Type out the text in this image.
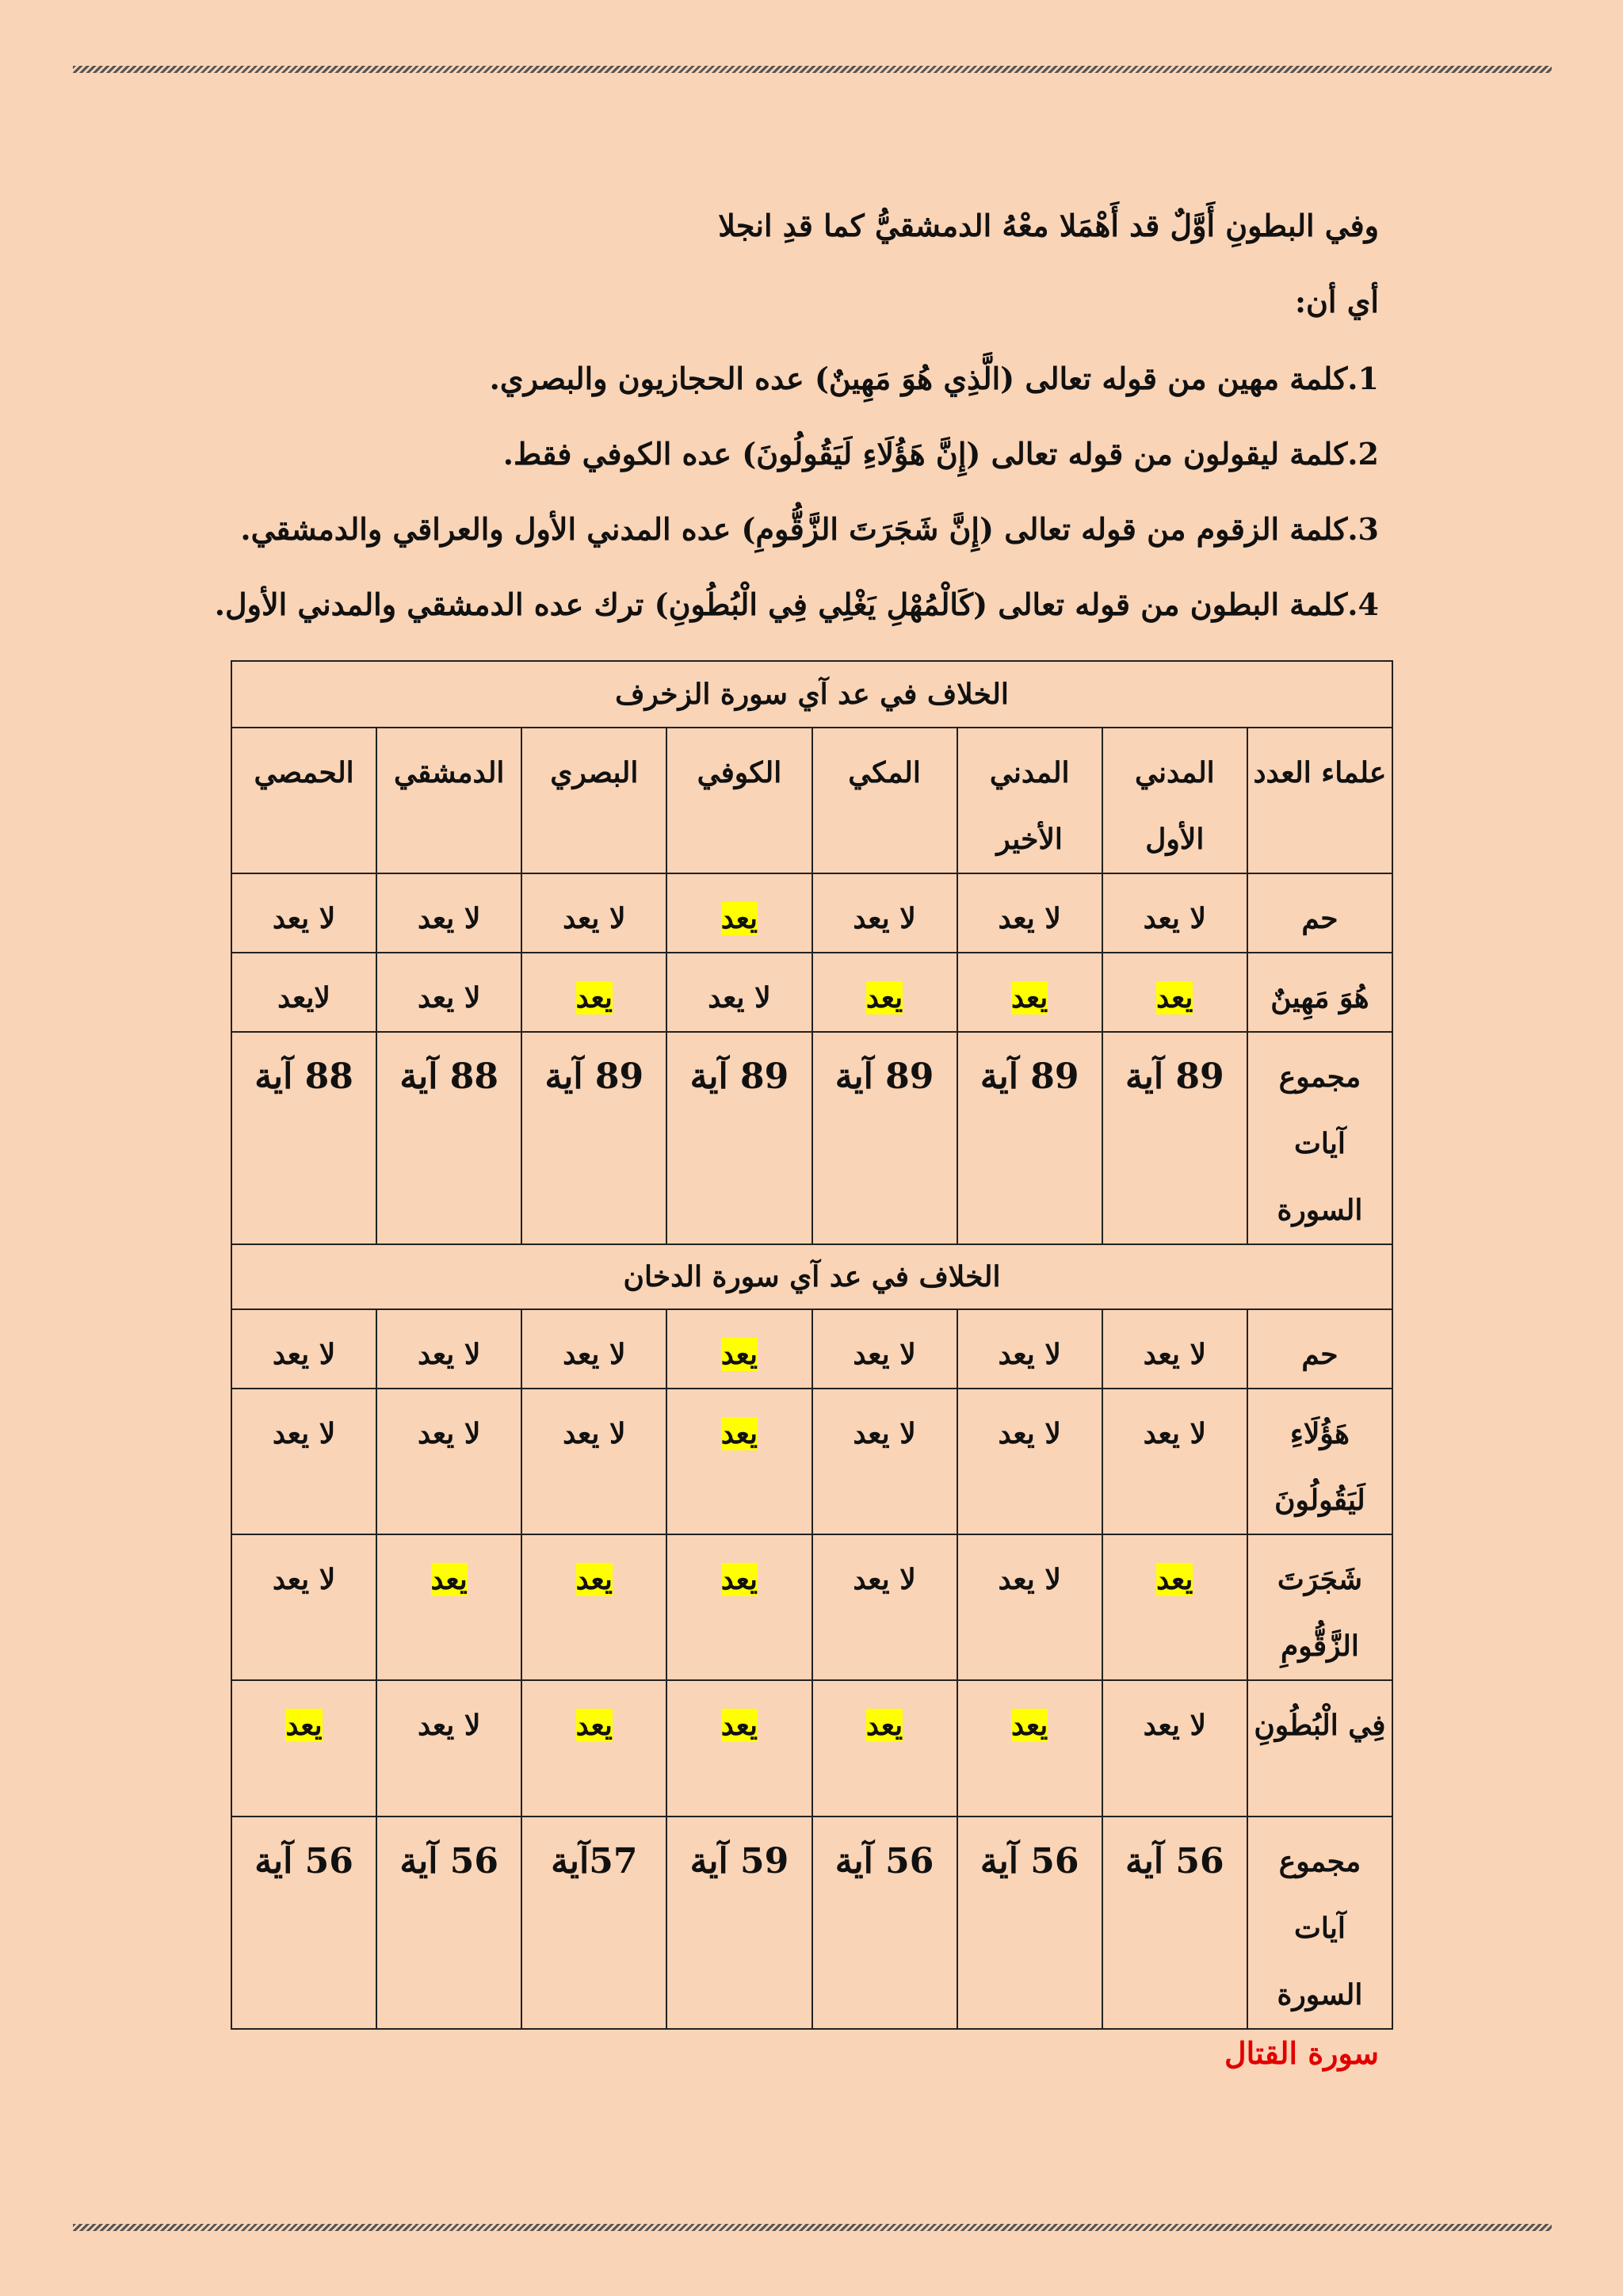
وفي البطونِ أَوَّلٌ قد أَهْمَلا معْهُ الدمشقيُّ كما قدِ انجلا
أي أن:
1.كلمة مهين من قوله تعالى (الَّذِي هُوَ مَهِينٌ) عده الحجازيون والبصري.
2.كلمة ليقولون من قوله تعالى (إِنَّ هَؤُلَاءِ لَيَقُولُونَ) عده الكوفي فقط.
3.كلمة الزقوم من قوله تعالى (إِنَّ شَجَرَتَ الزَّقُّومِ) عده المدني الأول والعراقي والدمشقي.
4.كلمة البطون من قوله تعالى (كَالْمُهْلِ يَغْلِي فِي الْبُطُونِ) ترك عده الدمشقي والمدني الأول.
الخلاف في عد آي سورة الزخرف							
علماء العدد	المدني الأول	المدني الأخير	المكي	الكوفي	البصري	الدمشقي	الحمصي
حم	لا يعد	لا يعد	لا يعد	يعد	لا يعد	لا يعد	لا يعد
هُوَ مَهِينٌ	يعد	يعد	يعد	لا يعد	يعد	لا يعد	لايعد
مجموع آيات السورة	89 آية	89 آية	89 آية	89 آية	89 آية	88 آية	88 آية
الخلاف في عد آي سورة الدخان							
حم	لا يعد	لا يعد	لا يعد	يعد	لا يعد	لا يعد	لا يعد
هَؤُلَاءِ لَيَقُولُونَ	لا يعد	لا يعد	لا يعد	يعد	لا يعد	لا يعد	لا يعد
شَجَرَتَ الزَّقُّومِ	يعد	لا يعد	لا يعد	يعد	يعد	يعد	لا يعد
فِي الْبُطُونِ	لا يعد	يعد	يعد	يعد	يعد	لا يعد	يعد
مجموع آيات السورة	56 آية	56 آية	56 آية	59 آية	57آية	56 آية	56 آية
سورة القتال
